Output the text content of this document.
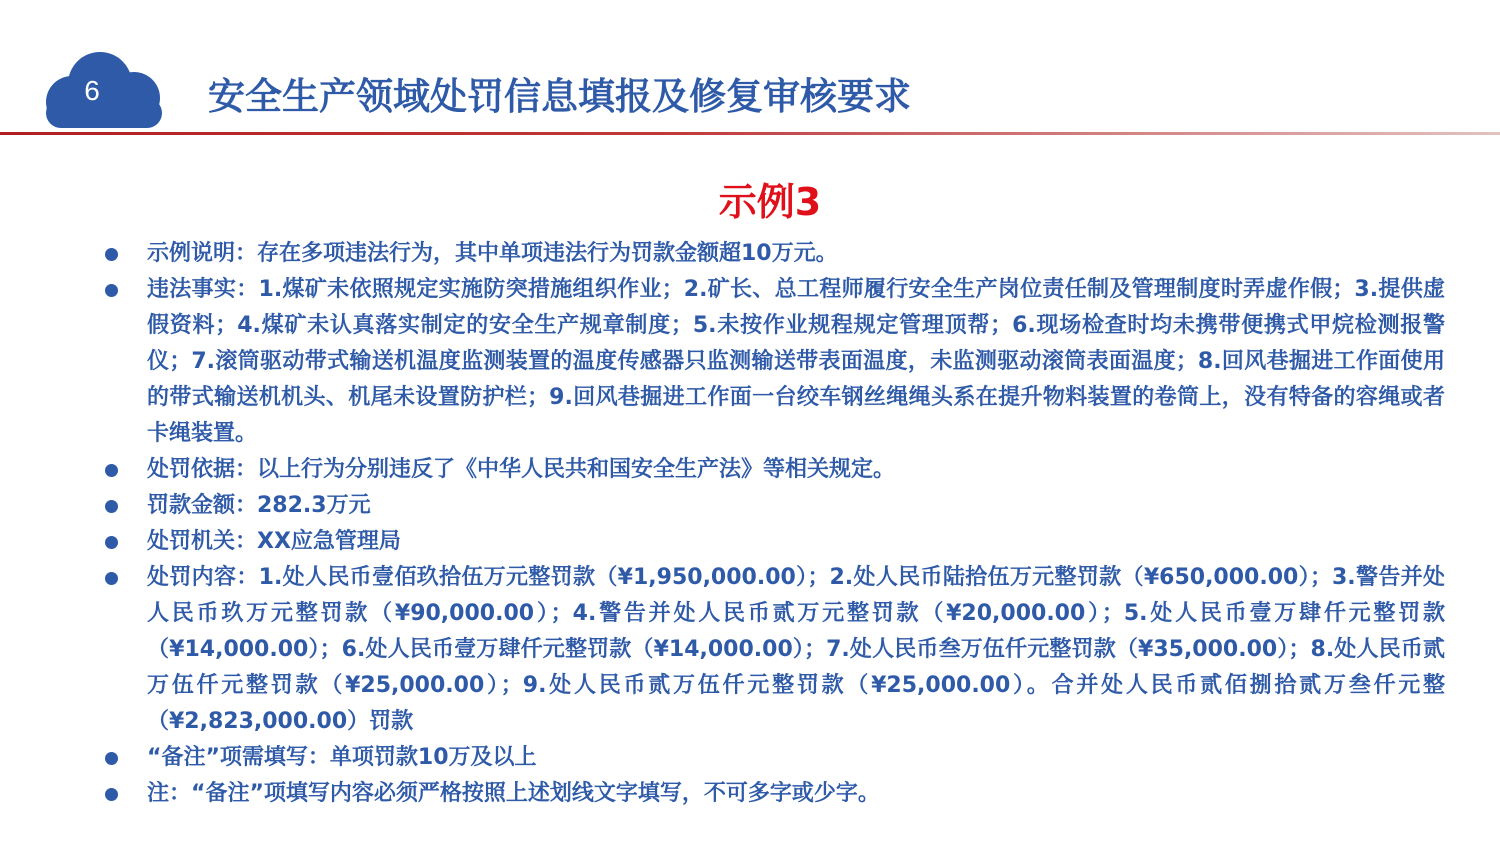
6	安全生产领域处罚信息填报及修复审核要求
示例3
示例说明：存在多项违法行为，其中单项违法行为罚款金额超10万元。
违法事实：1.煤矿未依照规定实施防突措施组织作业；2.矿长、总工程师履行安全生产岗位责任制及管理制度时弄虚作假；3.提供虚假资料；4.煤矿未认真落实制定的安全生产规章制度；5.未按作业规程规定管理顶帮；6.现场检查时均未携带便携式甲烷检测报警仪；7.滚筒驱动带式输送机温度监测装置的温度传感器只监测输送带表面温度，未监测驱动滚筒表面温度；8.回风巷掘进工作面使用的带式输送机机头、机尾未设置防护栏；9.回风巷掘进工作面一台绞车钢丝绳绳头系在提升物料装置的卷筒上，没有特备的容绳或者卡绳装置。
处罚依据：以上行为分别违反了《中华人民共和国安全生产法》等相关规定。
罚款金额：282.3万元
处罚机关：XX应急管理局
处罚内容：1.处人民币壹佰玖拾伍万元整罚款（¥1,950,000.00）；2.处人民币陆拾伍万元整罚款（¥650,000.00）；3.警告并处人民币玖万元整罚款（¥90,000.00）；4.警告并处人民币贰万元整罚款（¥20,000.00）；5.处人民币壹万肆仟元整罚款（¥14,000.00）；6.处人民币壹万肆仟元整罚款（¥14,000.00）；7.处人民币叁万伍仟元整罚款（¥35,000.00）；8.处人民币贰万伍仟元整罚款（¥25,000.00）；9.处人民币贰万伍仟元整罚款（¥25,000.00）。合并处人民币贰佰捌拾贰万叁仟元整（¥2,823,000.00）罚款
“备注”项需填写：单项罚款10万及以上
注：“备注”项填写内容必须严格按照上述划线文字填写，不可多字或少字。
